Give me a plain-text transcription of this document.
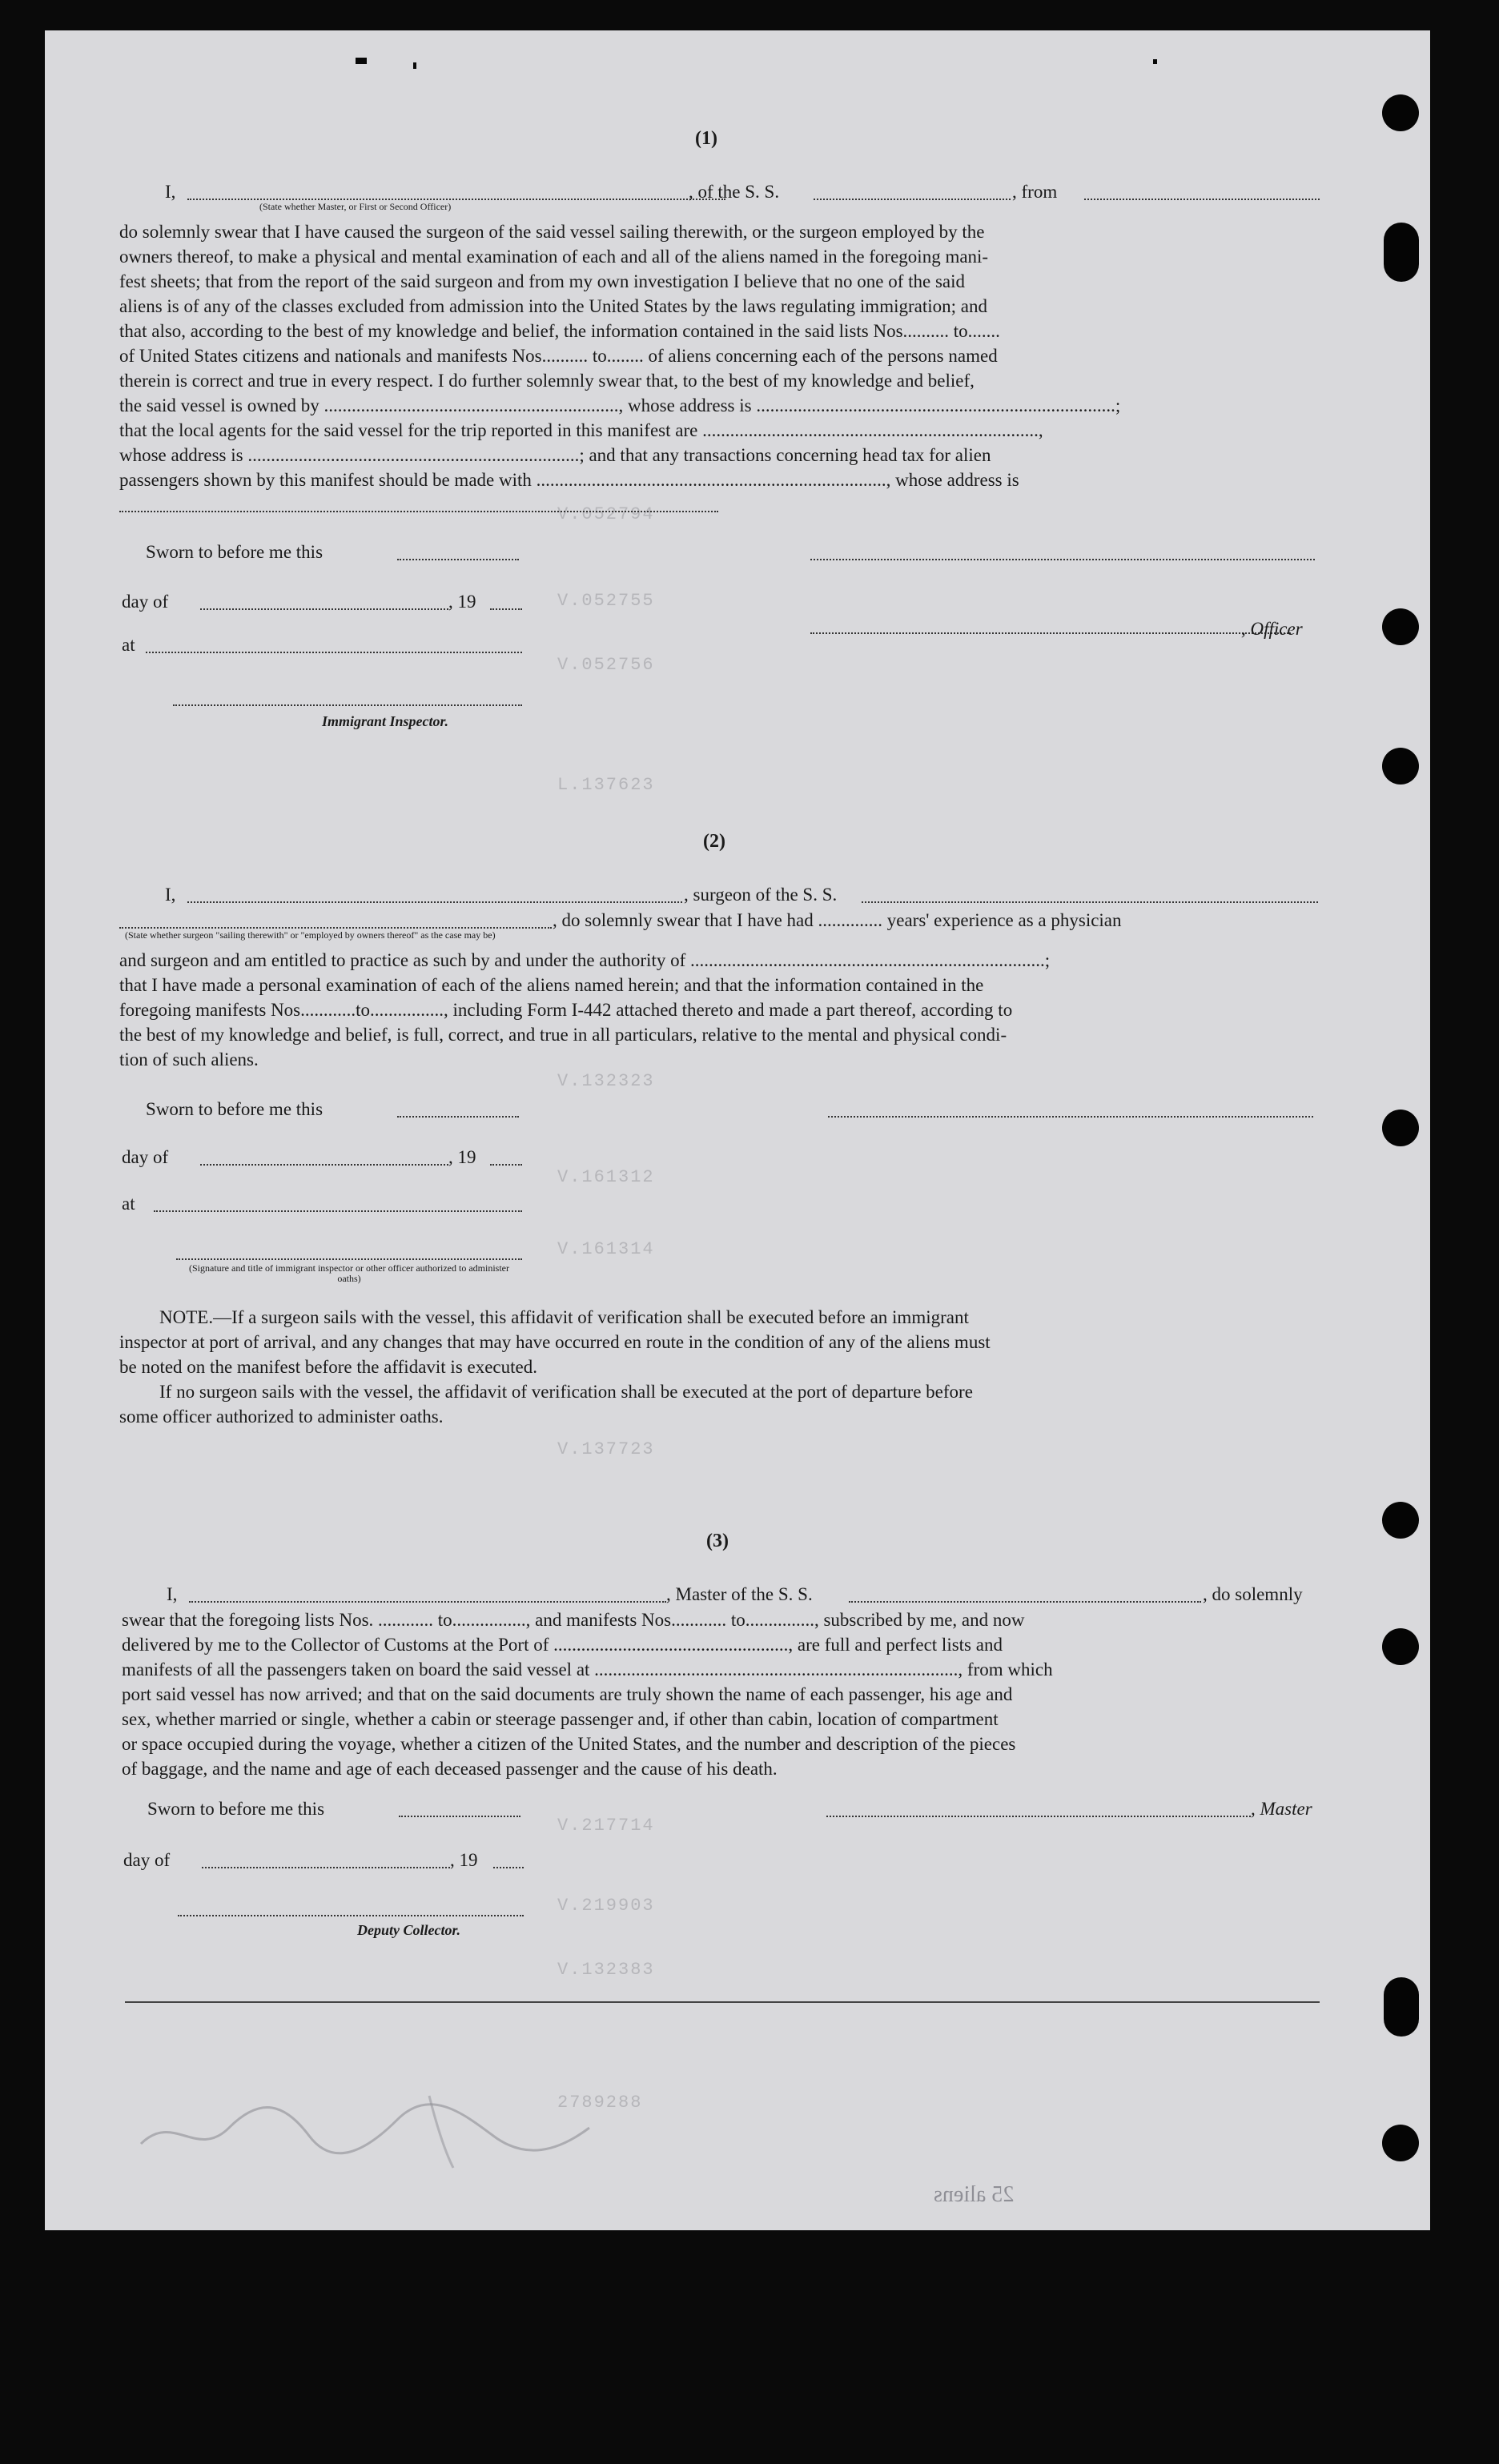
V.052794
V.052755
V.052756
L.137623
V.132323
V.161312
V.161314
V.137723
V.217714
V.219903
V.132383
2789288
(1)
I,	, of the S. S.	, from
(State whether Master, or First or Second Officer)

do solemnly swear that I have caused the surgeon of the said vessel sailing therewith, or the surgeon employed by the

owners thereof, to make a physical and mental examination of each and all of the aliens named in the foregoing mani-

fest sheets; that from the report of the said surgeon and from my own investigation I believe that no one of the said

aliens is of any of the classes excluded from admission into the United States by the laws regulating immigration; and

that also, according to the best of my knowledge and belief, the information contained in the said lists Nos.......... to.......

of United States citizens and nationals and manifests Nos.......... to........ of aliens concerning each of the persons named

therein is correct and true in every respect. I do further solemnly swear that, to the best of my knowledge and belief,

the said vessel is owned by ................................................................, whose address is ..............................................................................;

that the local agents for the said vessel for the trip reported in this manifest are .........................................................................,

whose address is ........................................................................; and that any transactions concerning head tax for alien

passengers shown by this manifest should be made with ............................................................................, whose address is

Sworn to before me this
day of	, 19
at
, Officer
Immigrant Inspector.
(2)
I,	, surgeon of the S. S.
, do solemnly swear that I have had .............. years' experience as a physician
(State whether surgeon "sailing therewith" or "employed by owners thereof" as the case may be)

and surgeon and am entitled to practice as such by and under the authority of .............................................................................;

that I have made a personal examination of each of the aliens named herein; and that the information contained in the

foregoing manifests Nos............to................, including Form I-442 attached thereto and made a part thereof, according to

the best of my knowledge and belief, is full, correct, and true in all particulars, relative to the mental and physical condi-

tion of such aliens.

Sworn to before me this
day of	, 19
at
(Signature and title of immigrant inspector or other officer authorized to administer oaths)

NOTE.—If a surgeon sails with the vessel, this affidavit of verification shall be executed before an immigrant

inspector at port of arrival, and any changes that may have occurred en route in the condition of any of the aliens must

be noted on the manifest before the affidavit is executed.

If no surgeon sails with the vessel, the affidavit of verification shall be executed at the port of departure before

some officer authorized to administer oaths.

(3)
I,	, Master of the S. S.	, do solemnly

swear that the foregoing lists Nos. ............ to................, and manifests Nos............ to..............., subscribed by me, and now

delivered by me to the Collector of Customs at the Port of ..................................................., are full and perfect lists and

manifests of all the passengers taken on board the said vessel at ..............................................................................., from which

port said vessel has now arrived; and that on the said documents are truly shown the name of each passenger, his age and

sex, whether married or single, whether a cabin or steerage passenger and, if other than cabin, location of compartment

or space occupied during the voyage, whether a citizen of the United States, and the number and description of the pieces

of baggage, and the name and age of each deceased passenger and the cause of his death.

Sworn to before me this	, Master
day of	, 19
Deputy Collector.
25 aliens
